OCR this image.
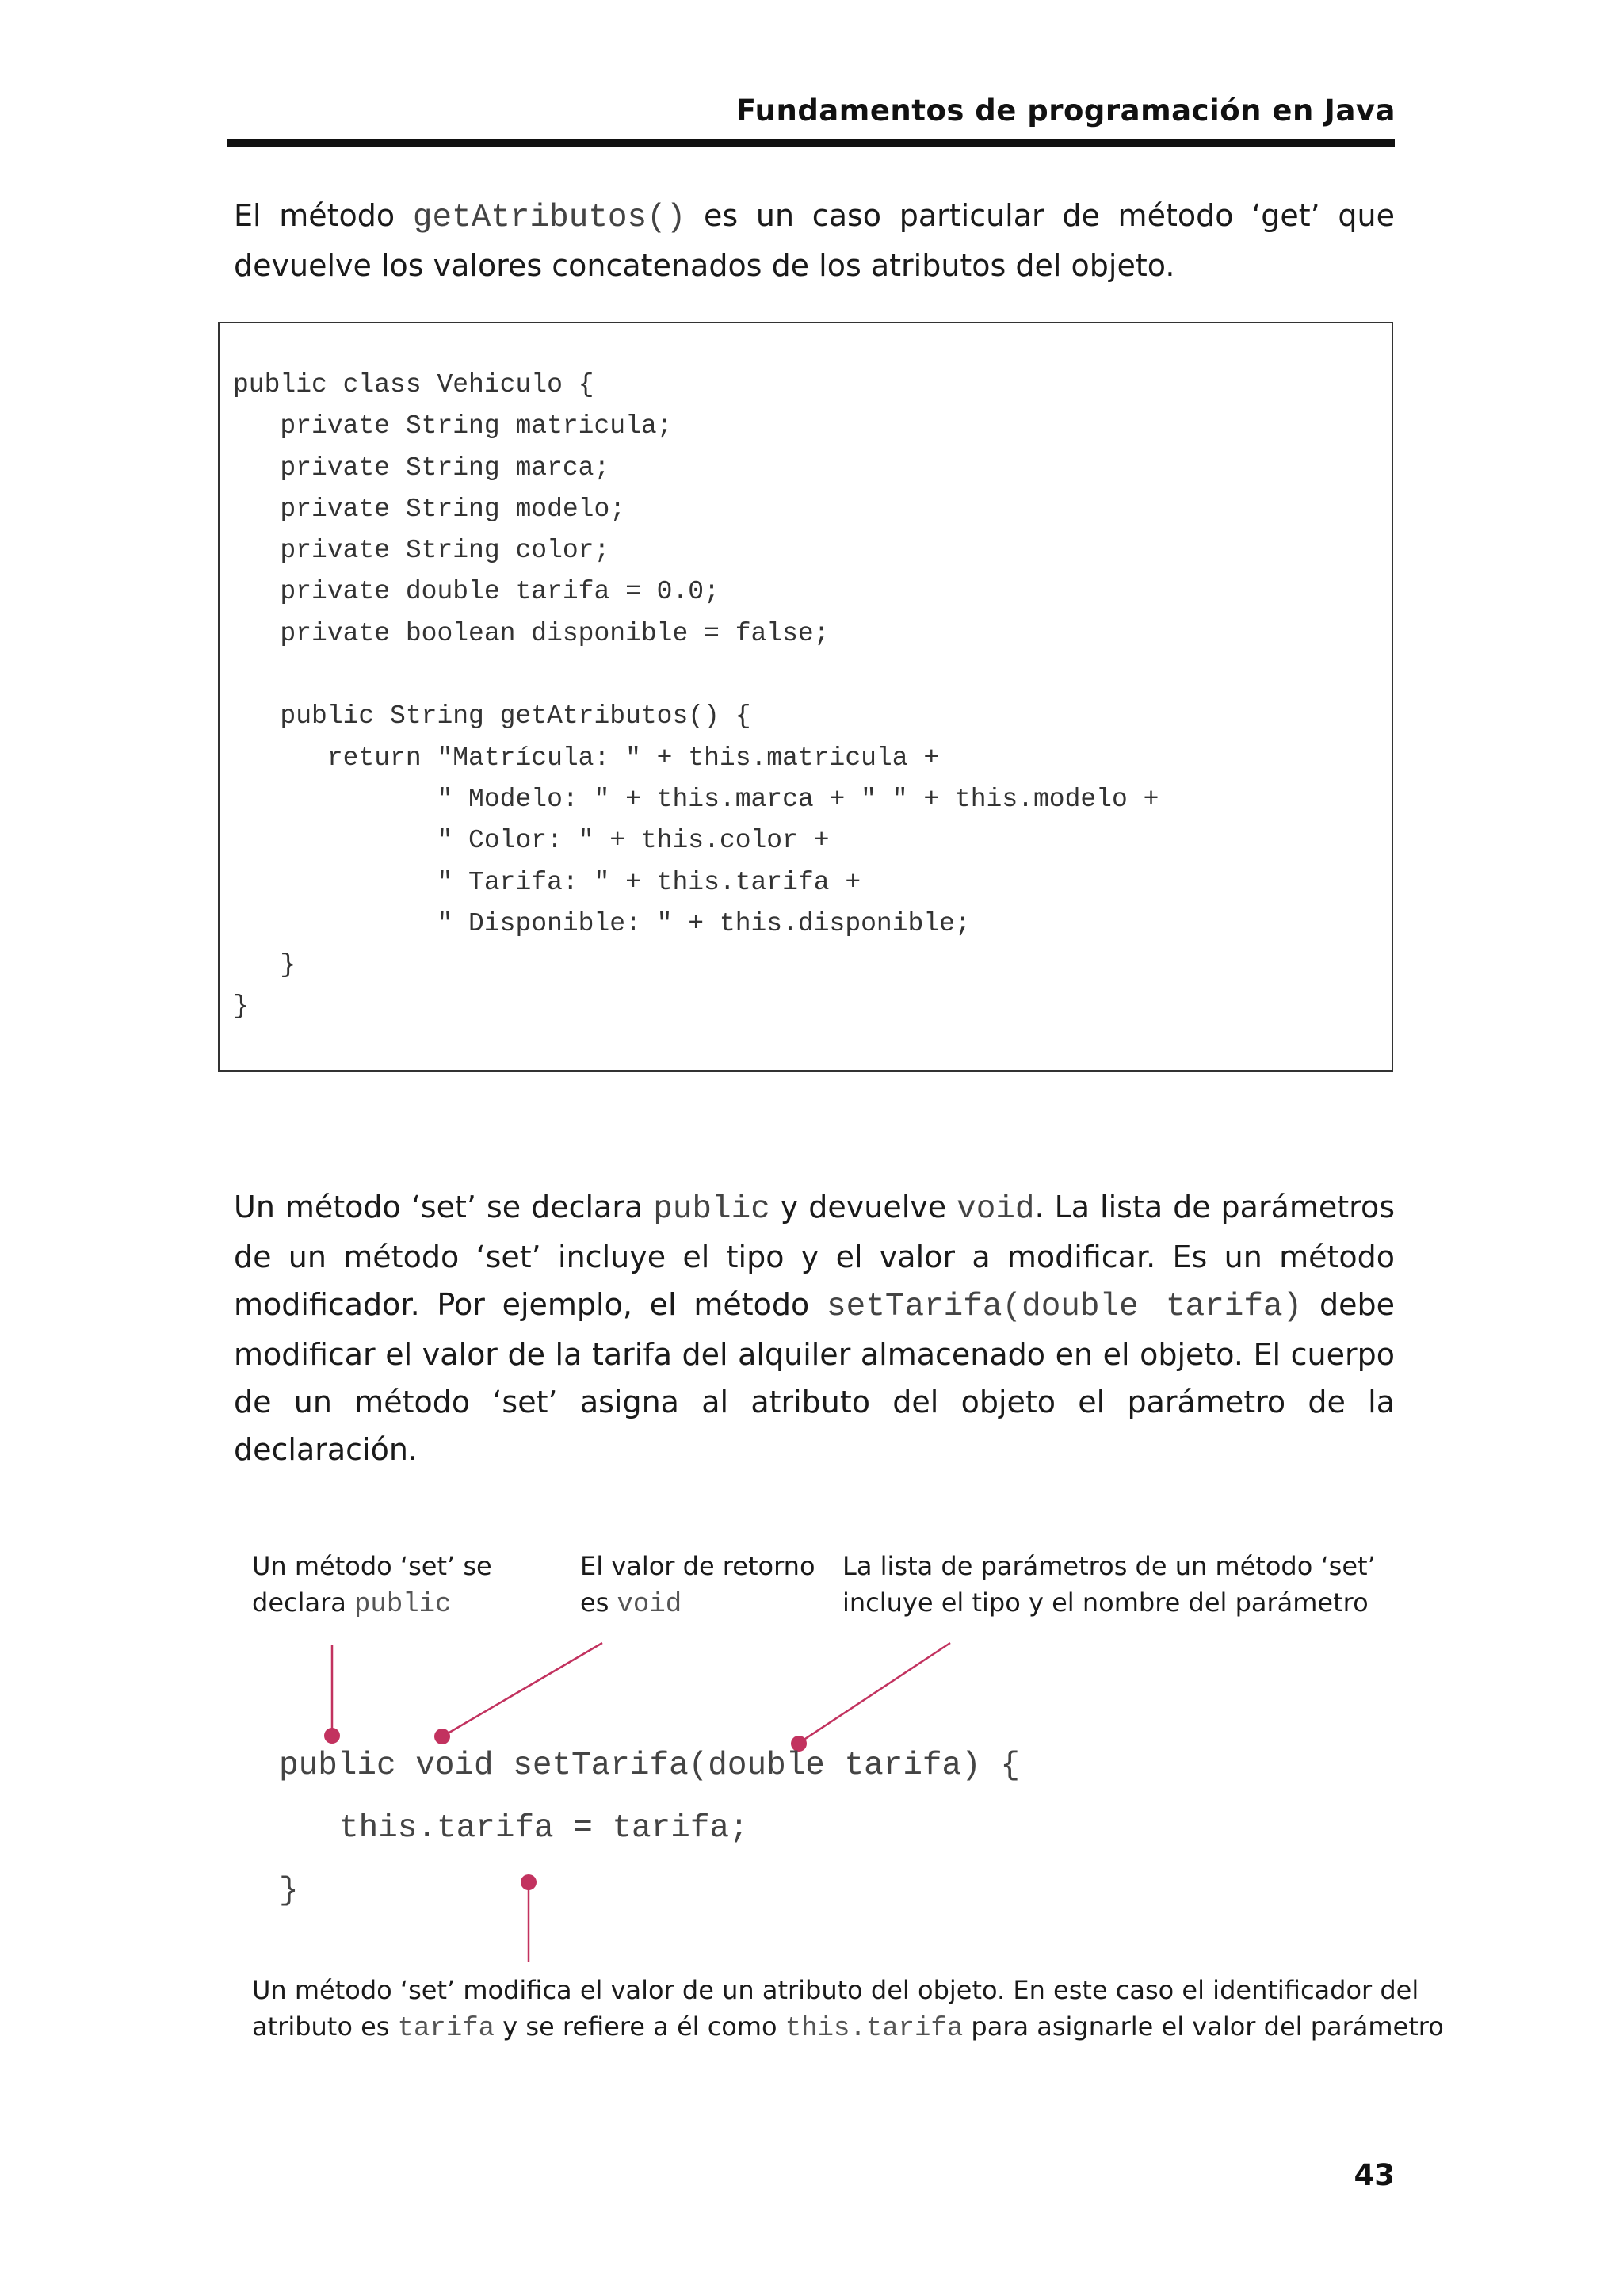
Fundamentos de programación en Java

El método getAtributos() es un caso particular de método ‘get’ que devuelve los valores concatenados de los atributos del objeto.

public class Vehiculo {
private String matricula;
private String marca;
private String modelo;
private String color;
private double tarifa = 0.0;
private boolean disponible = false;
public String getAtributos() {
return "Matrícula: " + this.matricula +
" Modelo: " + this.marca + " " + this.modelo +
" Color: " + this.color +
" Tarifa: " + this.tarifa +
" Disponible: " + this.disponible;
}
}

Un método ‘set’ se declara public y devuelve void. La lista de parámetros de un método ‘set’ incluye el tipo y el valor a modificar. Es un método modificador. Por ejemplo, el método setTarifa(double tarifa) debe modificar el valor de la tarifa del alquiler almacenado en el objeto. El cuerpo de un método ‘set’ asigna al atributo del objeto el parámetro de la declaración.

Un método ‘set’ se
declara public
El valor de retorno
es void
La lista de parámetros de un método ‘set’
incluye el tipo y el nombre del parámetro
public void setTarifa(double tarifa) {
this.tarifa = tarifa;
}
Un método ‘set’ modifica el valor de un atributo del objeto. En este caso el identificador del
atributo es tarifa y se refiere a él como this.tarifa para asignarle el valor del parámetro
43
